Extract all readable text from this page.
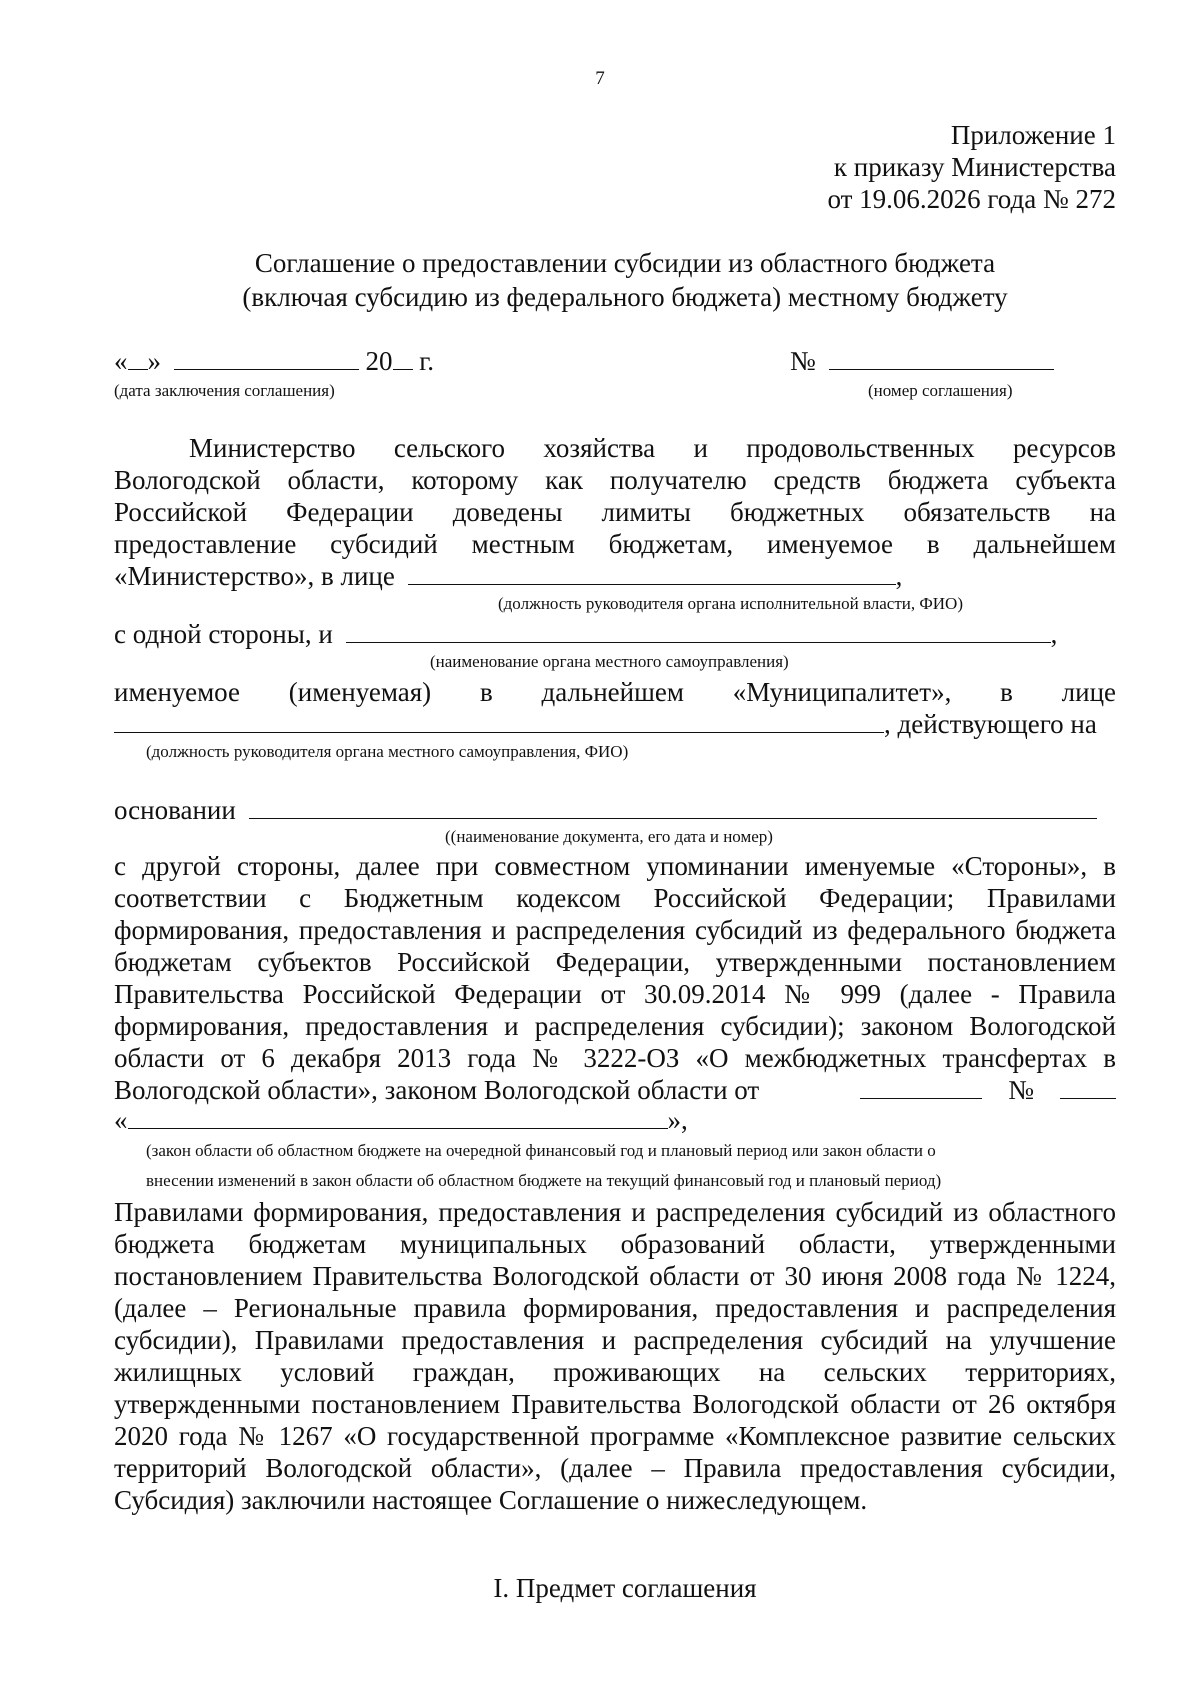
7
Приложение 1
к приказу Министерства
от 19.06.2026 года № 272
Соглашение о предоставлении субсидии из областного бюджета
(включая субсидию из федерального бюджета) местному бюджету
« »	20 г.	№
(дата заключения соглашения)	(номер соглашения)
Министерство сельского хозяйства и продовольственных ресурсов
Вологодской области, которому как получателю средств бюджета субъекта
Российской Федерации доведены лимиты бюджетных обязательств на
предоставление субсидий местным бюджетам, именуемое в дальнейшем
«Министерство», в лице	,
(должность руководителя органа исполнительной власти, ФИО)
с одной стороны, и	,
(наименование органа местного самоуправления)
именуемое (именуемая) в дальнейшем «Муниципалитет», в лице
, действующего на
(должность руководителя органа местного самоуправления, ФИО)
основании
((наименование документа, его дата и номер)
с другой стороны, далее при совместном упоминании именуемые «Стороны», в
соответствии с Бюджетным кодексом Российской Федерации; Правилами
формирования, предоставления и распределения субсидий из федерального бюджета
бюджетам субъектов Российской Федерации, утвержденными постановлением
Правительства Российской Федерации от 30.09.2014 № 999 (далее - Правила
формирования, предоставления и распределения субсидии); законом Вологодской
области от 6 декабря 2013 года № 3222-ОЗ «О межбюджетных трансфертах в
Вологодской области», законом Вологодской области от	№
«	»,
(закон области об областном бюджете на очередной финансовый год и плановый период или закон области о
внесении изменений в закон области об областном бюджете на текущий финансовый год и плановый период)
Правилами формирования, предоставления и распределения субсидий из областного
бюджета бюджетам муниципальных образований области, утвержденными
постановлением Правительства Вологодской области от 30 июня 2008 года № 1224,
(далее – Региональные правила формирования, предоставления и распределения
субсидии), Правилами предоставления и распределения субсидий на улучшение
жилищных условий граждан, проживающих на сельских территориях,
утвержденными постановлением Правительства Вологодской области от 26 октября
2020 года № 1267 «О государственной программе «Комплексное развитие сельских
территорий Вологодской области», (далее – Правила предоставления субсидии,
Субсидия) заключили настоящее Соглашение о нижеследующем.
I. Предмет соглашения
